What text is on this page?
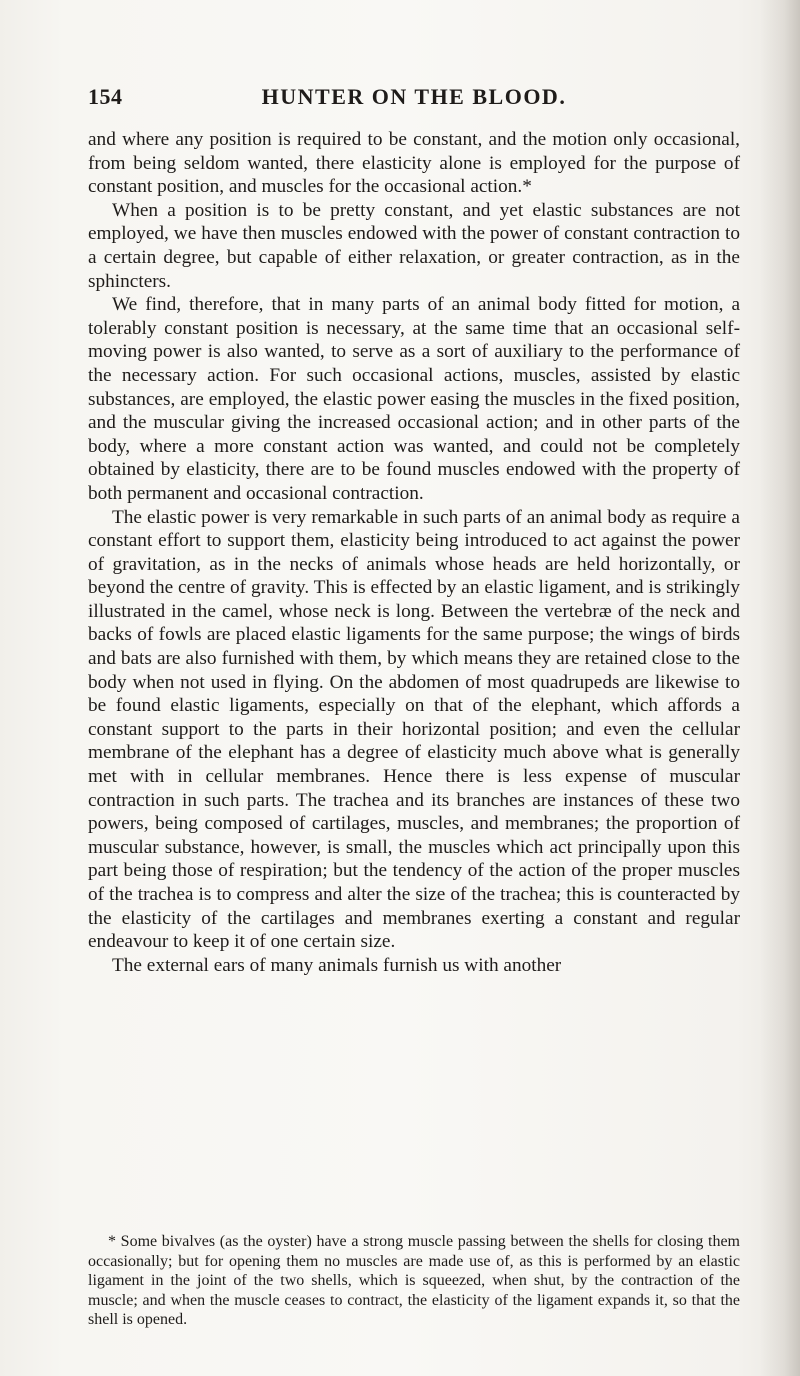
154	HUNTER ON THE BLOOD.

and where any position is required to be constant, and the motion only occasional, from being seldom wanted, there elasticity alone is employed for the purpose of constant position, and muscles for the occasional action.*

When a position is to be pretty constant, and yet elastic substances are not employed, we have then muscles endowed with the power of constant contraction to a certain degree, but capable of either relaxation, or greater contraction, as in the sphincters.

We find, therefore, that in many parts of an animal body fitted for motion, a tolerably constant position is necessary, at the same time that an occasional self-moving power is also wanted, to serve as a sort of auxiliary to the performance of the necessary action. For such occasional actions, muscles, assisted by elastic substances, are employed, the elastic power easing the muscles in the fixed position, and the muscular giving the increased occasional action; and in other parts of the body, where a more constant action was wanted, and could not be completely obtained by elasticity, there are to be found muscles endowed with the property of both permanent and occasional contraction.

The elastic power is very remarkable in such parts of an animal body as require a constant effort to support them, elasticity being introduced to act against the power of gravitation, as in the necks of animals whose heads are held horizontally, or beyond the centre of gravity. This is effected by an elastic ligament, and is strikingly illustrated in the camel, whose neck is long. Between the vertebræ of the neck and backs of fowls are placed elastic ligaments for the same purpose; the wings of birds and bats are also furnished with them, by which means they are retained close to the body when not used in flying. On the abdomen of most quadrupeds are likewise to be found elastic ligaments, especially on that of the elephant, which affords a constant support to the parts in their horizontal position; and even the cellular membrane of the elephant has a degree of elasticity much above what is generally met with in cellular membranes. Hence there is less expense of muscular contraction in such parts. The trachea and its branches are instances of these two powers, being composed of cartilages, muscles, and membranes; the proportion of muscular substance, however, is small, the muscles which act principally upon this part being those of respiration; but the tendency of the action of the proper muscles of the trachea is to compress and alter the size of the trachea; this is counteracted by the elasticity of the cartilages and membranes exerting a constant and regular endeavour to keep it of one certain size.

The external ears of many animals furnish us with another

* Some bivalves (as the oyster) have a strong muscle passing between the shells for closing them occasionally; but for opening them no muscles are made use of, as this is performed by an elastic ligament in the joint of the two shells, which is squeezed, when shut, by the contraction of the muscle; and when the muscle ceases to contract, the elasticity of the ligament expands it, so that the shell is opened.
